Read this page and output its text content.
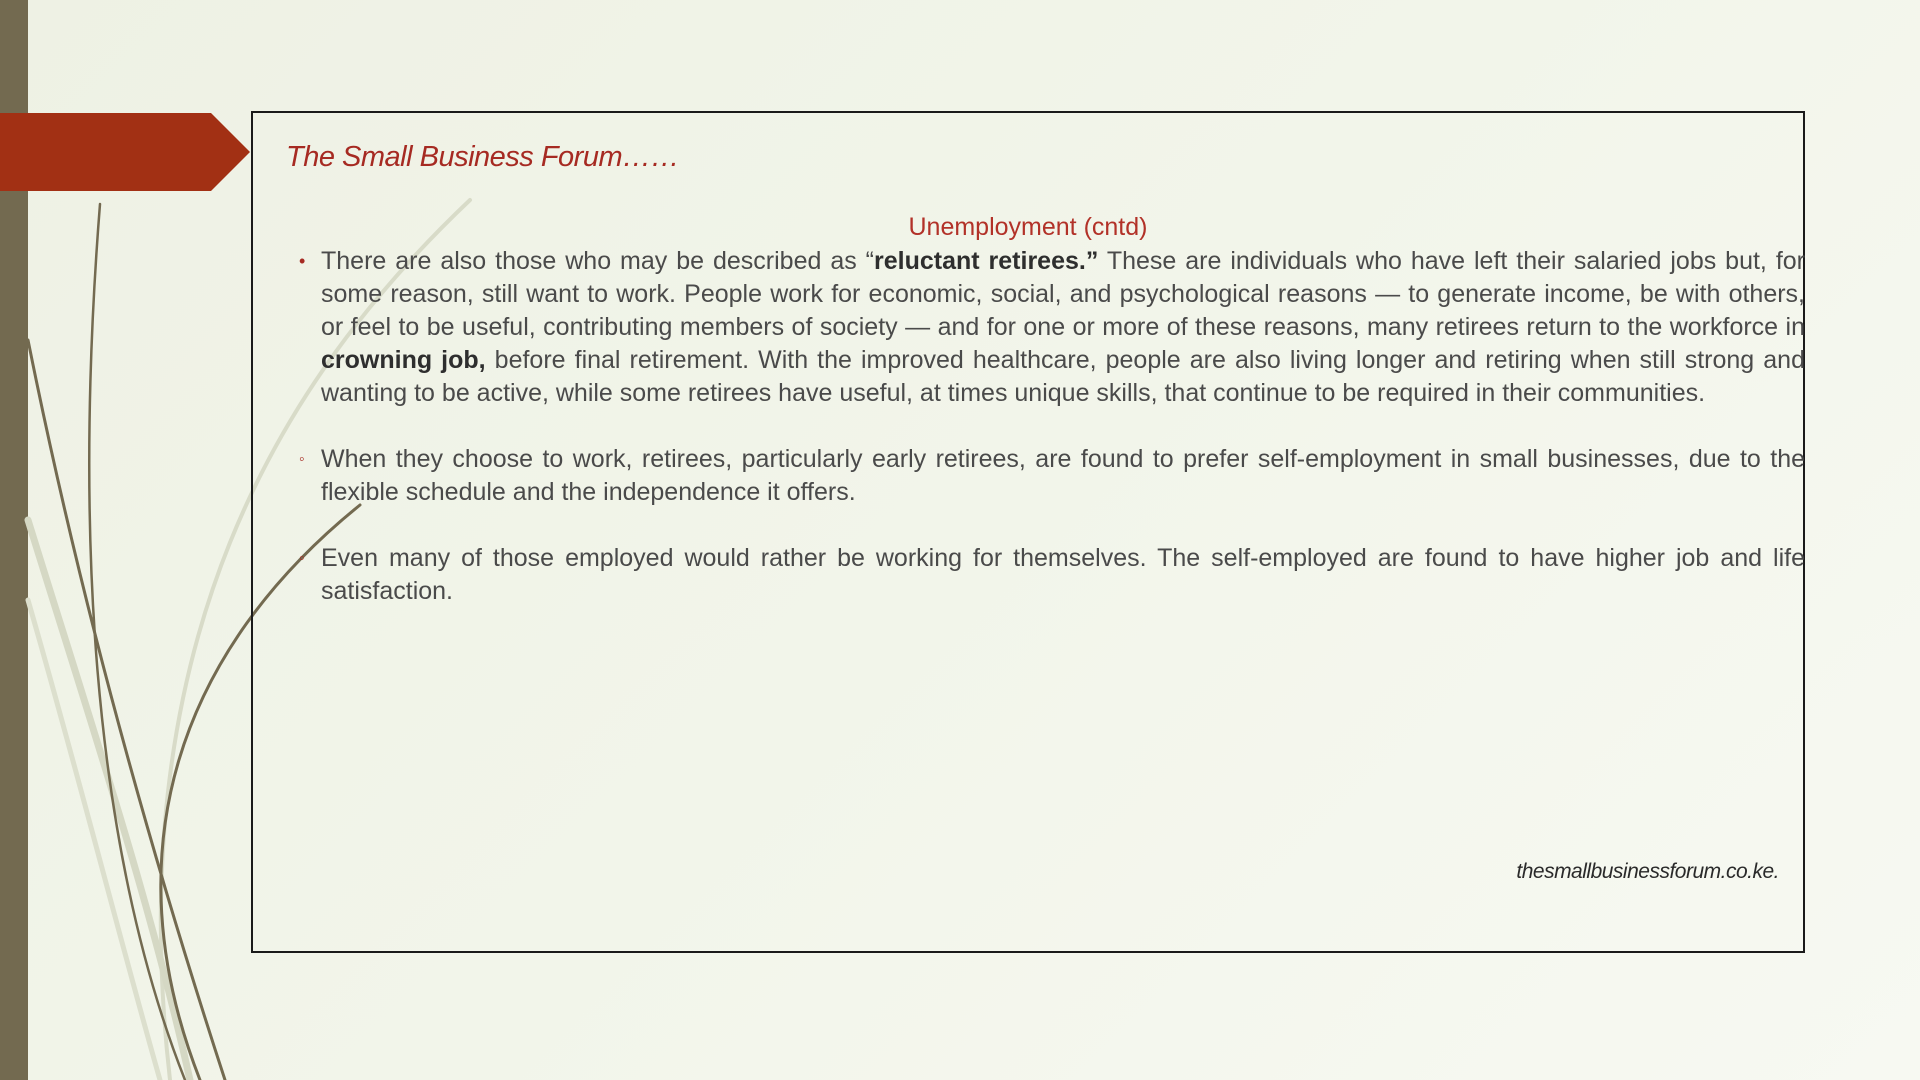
The Small Business Forum……
Unemployment (cntd)
• There are also those who may be described as “reluctant retirees.” These are individuals who have left their salaried jobs but, for some reason, still want to work. People work for economic, social, and psychological reasons — to generate income, be with others, or feel to be useful, contributing members of society — and for one or more of these reasons, many retirees return to the workforce in crowning job, before final retirement. With the improved healthcare, people are also living longer and retiring when still strong and wanting to be active, while some retirees have useful, at times unique skills, that continue to be required in their communities.
◦ When they choose to work, retirees, particularly early retirees, are found to prefer self-employment in small businesses, due to the flexible schedule and the independence it offers.
◦ Even many of those employed would rather be working for themselves. The self-employed are found to have higher job and life satisfaction.
thesmallbusinessforum.co.ke.
